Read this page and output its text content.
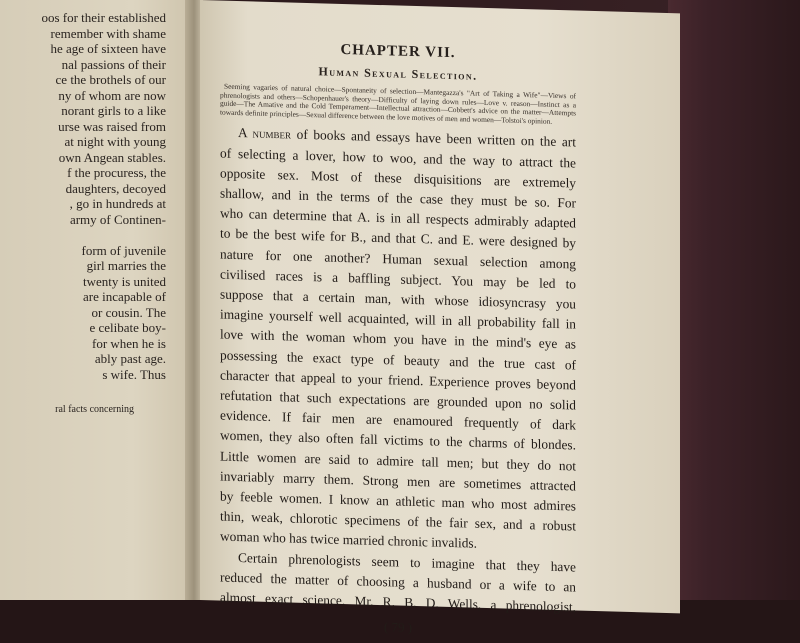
oos for their established
remember with shame
he age of sixteen have
nal passions of their
ce the brothels of our
ny of whom are now
norant girls to a like
urse was raised from
at night with young
own Angean stables.
f the procuress, the
daughters, decoyed
, go in hundreds at
army of Continen-
form of juvenile
girl marries the
twenty is united
are incapable of
or cousin. The
e celibate boy-
for when he is
ably past age.
s wife. Thus
ral facts concerning
CHAPTER VII.
Human Sexual Selection.

Seeming vagaries of natural choice—Spontaneity of selection—Mantegazza's "Art of Taking a Wife"—Views of phrenologists and others—Schopenhauer's theory—Difficulty of laying down rules—Love v. reason—Instinct as a guide—The Amative and the Cold Temperament—Intellectual attraction—Cobbett's advice on the matter—Attempts towards definite principles—Sexual difference between the love motives of men and women—Tolstoi's opinion.

A number of books and essays have been written on the art
of selecting a lover, how to woo, and the way to attract the
opposite sex. Most of these disquisitions are extremely
shallow, and in the terms of the case they must be so. For
who can determine that A. is in all respects admirably adapted
to be the best wife for B., and that C. and E. were designed by
nature for one another? Human sexual selection among
civilised races is a baffling subject. You may be led to
suppose that a certain man, with whose idiosyncrasy you
imagine yourself well acquainted, will in all probability fall in
love with the woman whom you have in the mind's eye as
possessing the exact type of beauty and the true cast of
character that appeal to your friend. Experience proves beyond
refutation that such expectations are grounded upon no solid
evidence. If fair men are enamoured frequently of dark
women, they also often fall victims to the charms of blondes.
Little women are said to admire tall men; but they do not
invariably marry them. Strong men are sometimes attracted
by feeble women. I know an athletic man who most admires
thin, weak, chlorotic specimens of the fair sex, and a robust
woman who has twice married chronic invalids.
Certain phrenologists seem to imagine that they have
reduced the matter of choosing a husband or a wife to an
almost exact science. Mr. R. B. D. Wells, a phrenologist,
( 79 )
